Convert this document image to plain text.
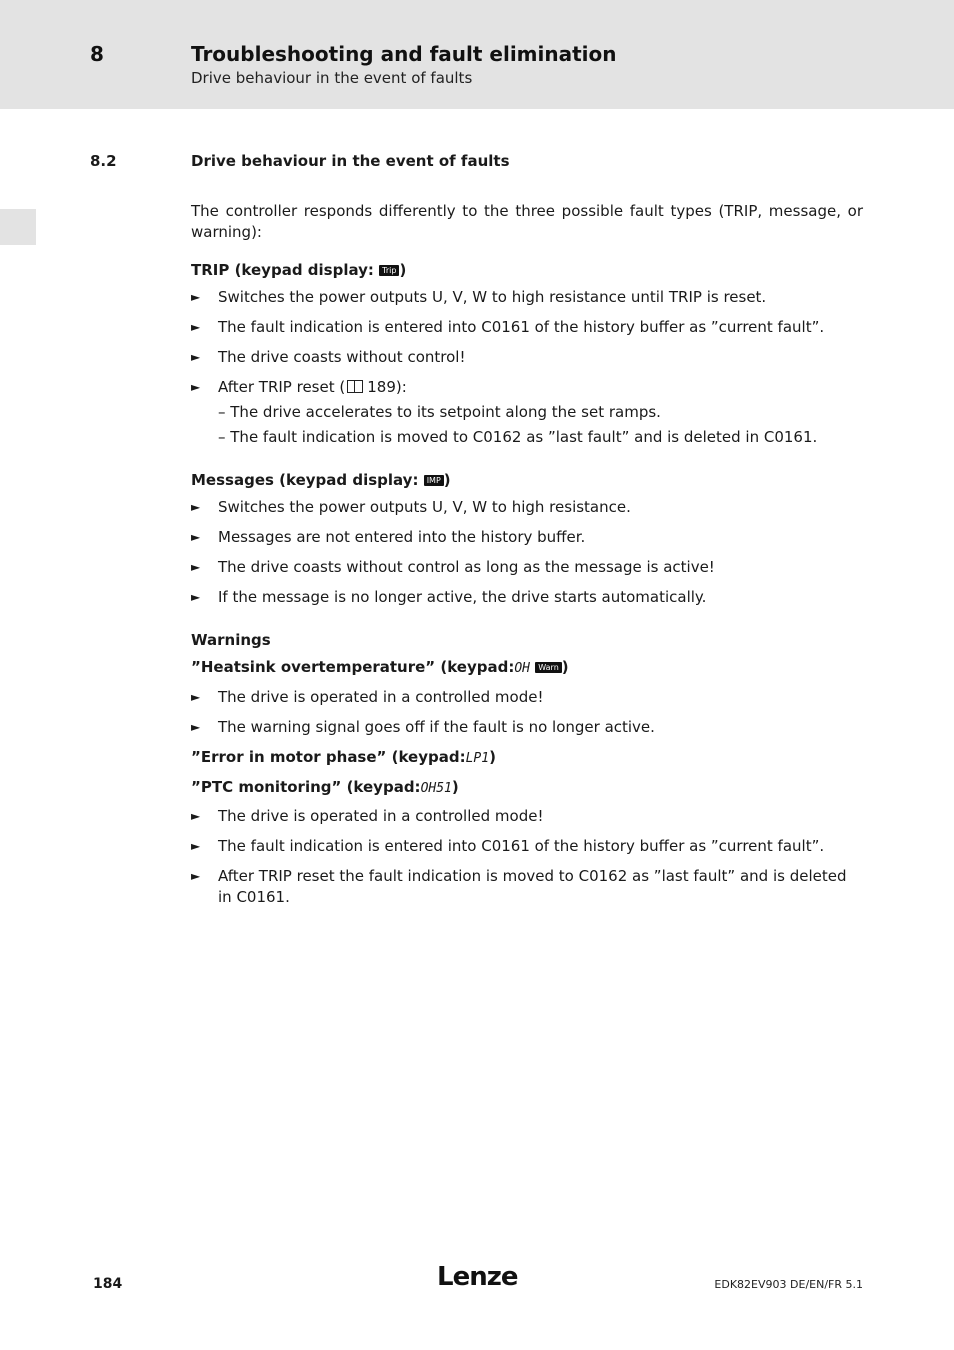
8	Troubleshooting and fault elimination
Drive behaviour in the event of faults
8.2	Drive behaviour in the event of faults

The controller responds differently to the three possible fault types (TRIP, message, or warning):

TRIP (keypad display: Trip )
► Switches the power outputs U, V, W to high resistance until TRIP is reset.
► The fault indication is entered into C0161 of the history buffer as ”current fault”.
► The drive coasts without control!
► After TRIP reset ( 189):
– The drive accelerates to its setpoint along the set ramps.
– The fault indication is moved to C0162 as ”last fault” and is deleted in C0161.
Messages (keypad display: IMP )
► Switches the power outputs U, V, W to high resistance.
► Messages are not entered into the history buffer.
► The drive coasts without control as long as the message is active!
► If the message is no longer active, the drive starts automatically.
Warnings
”Heatsink overtemperature” (keypad:OH Warn )
► The drive is operated in a controlled mode!
► The warning signal goes off if the fault is no longer active.
”Error in motor phase” (keypad:LP1)
”PTC monitoring” (keypad:OH51)
► The drive is operated in a controlled mode!
► The fault indication is entered into C0161 of the history buffer as ”current fault”.
► After TRIP reset the fault indication is moved to C0162 as ”last fault” and is deleted in C0161.
184	Lenze	EDK82EV903 DE/EN/FR 5.1
